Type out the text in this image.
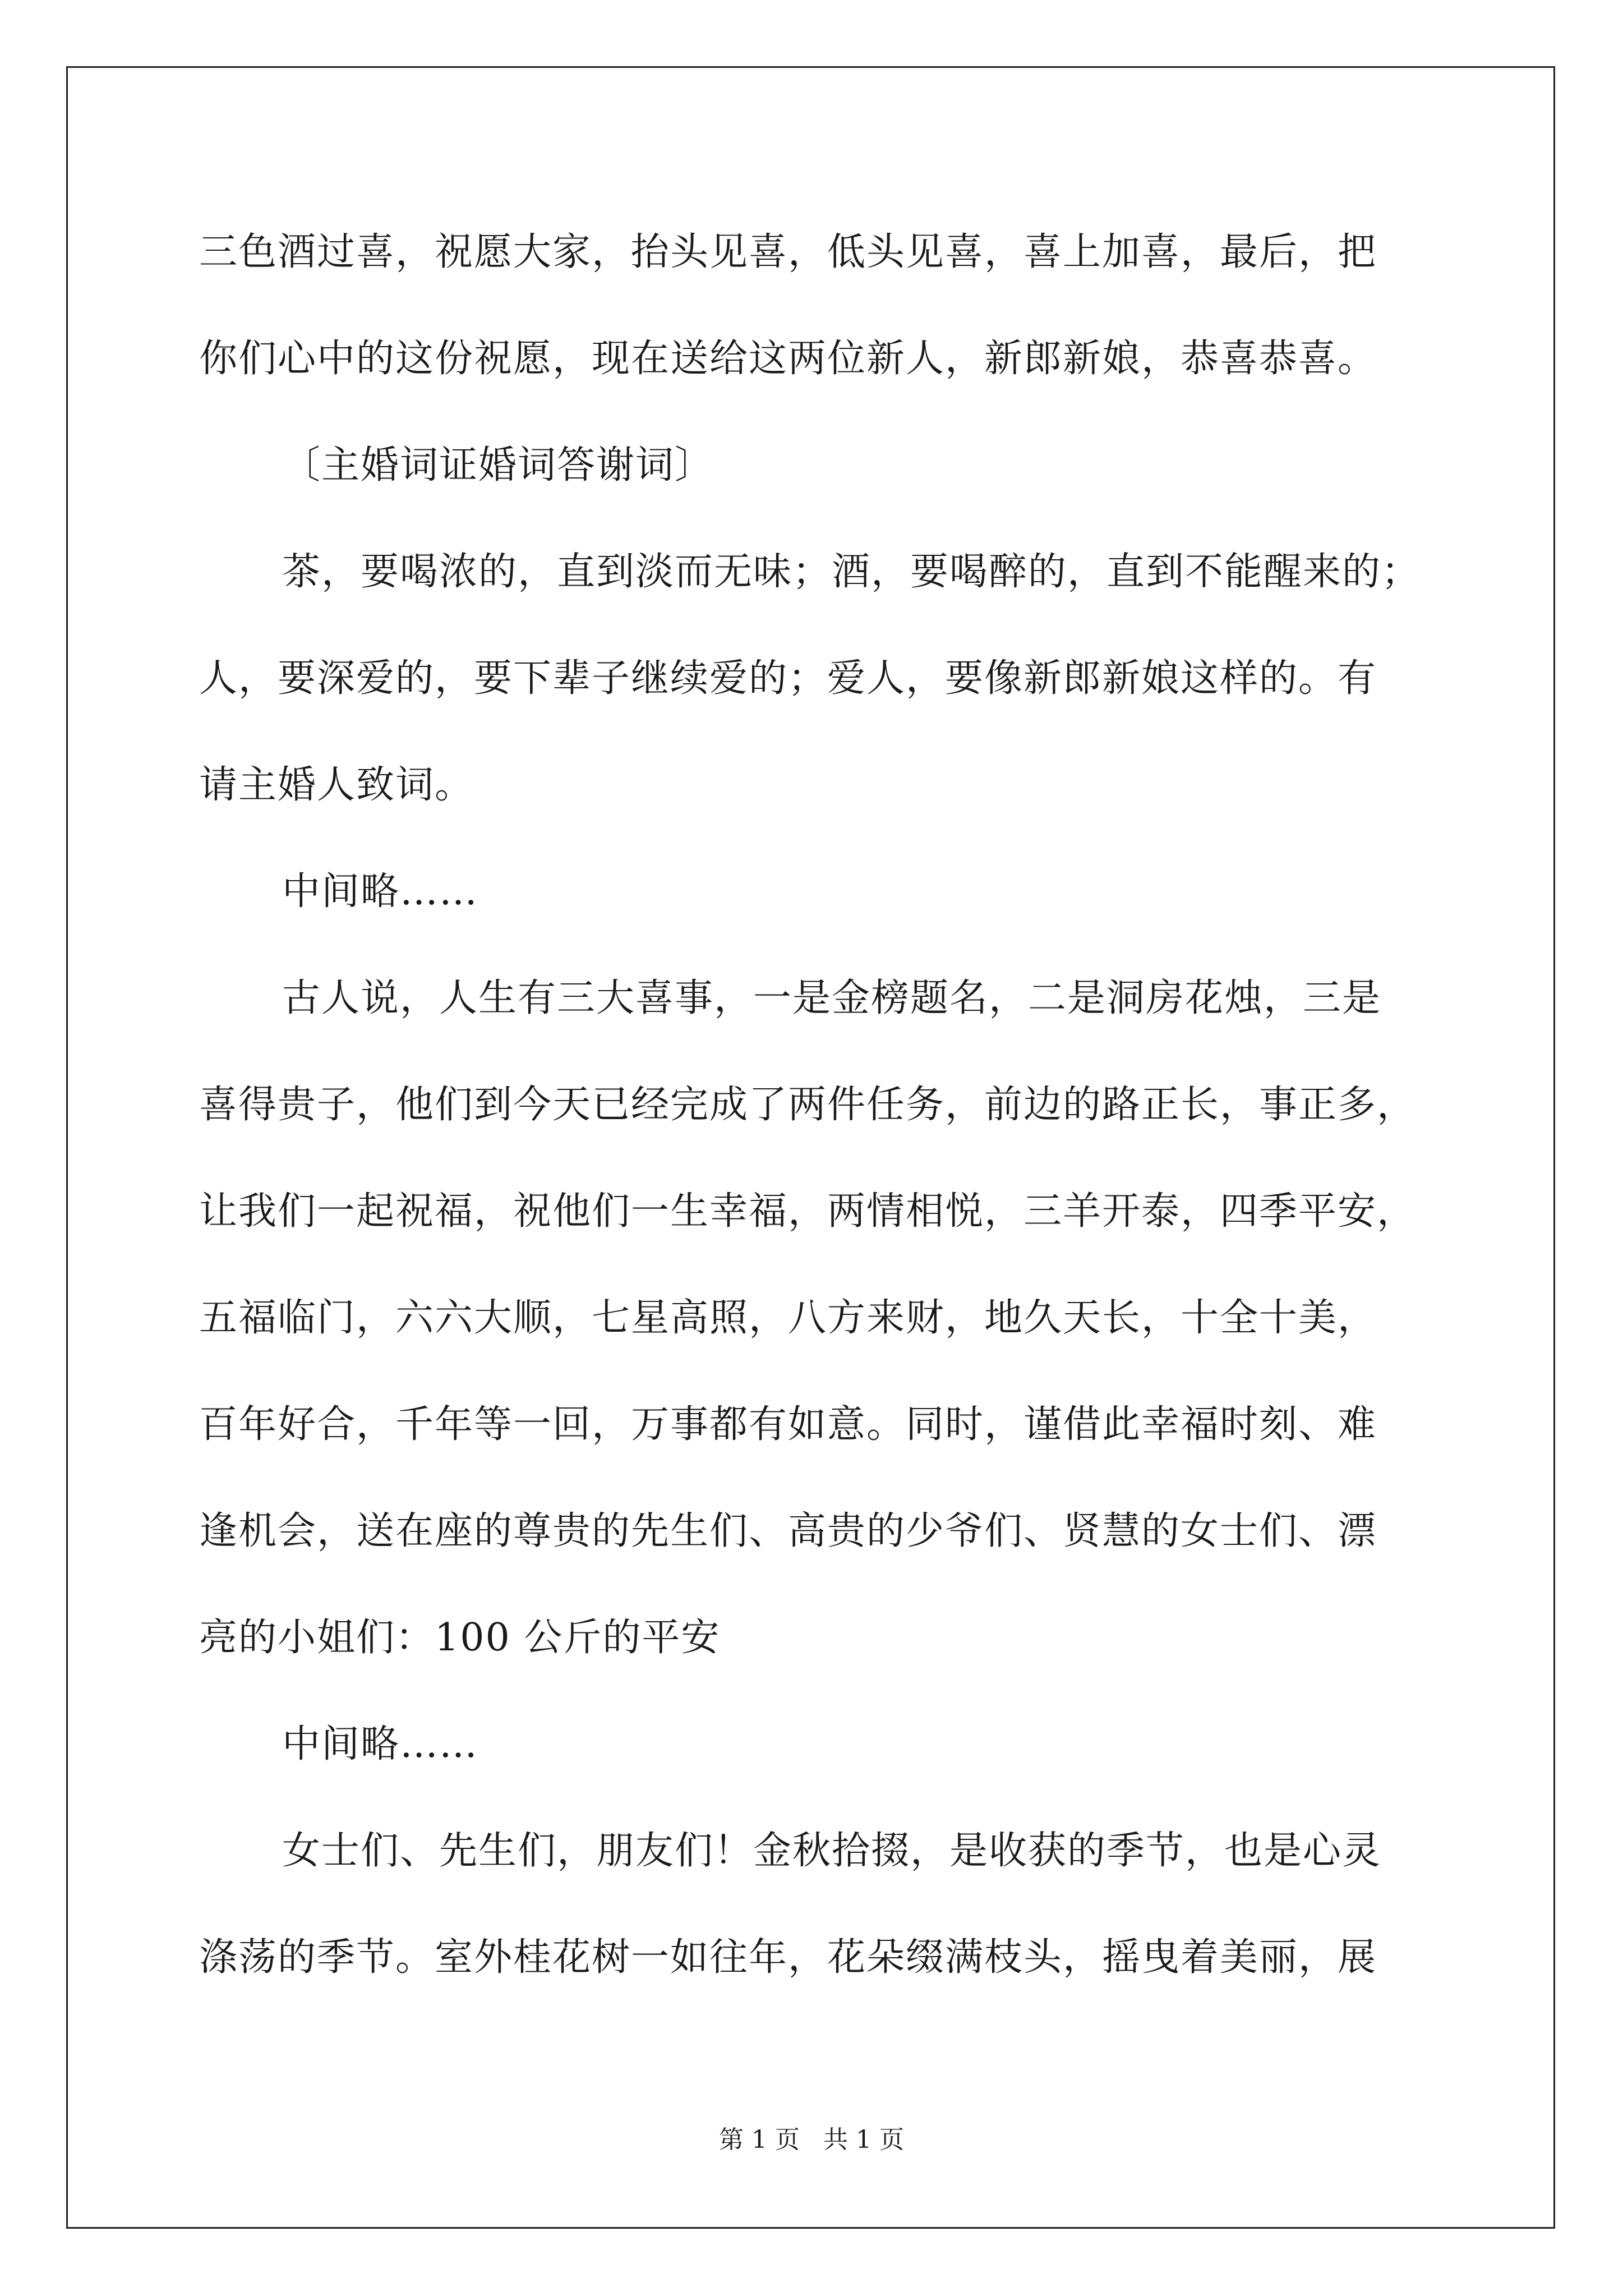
三色酒过喜，祝愿大家，抬头见喜，低头见喜，喜上加喜，最后，把

你们心中的这份祝愿，现在送给这两位新人，新郎新娘，恭喜恭喜。

〔主婚词证婚词答谢词〕

茶，要喝浓的，直到淡而无味；酒，要喝醉的，直到不能醒来的；

人，要深爱的，要下辈子继续爱的；爱人，要像新郎新娘这样的。有

请主婚人致词。

中间略……

古人说，人生有三大喜事，一是金榜题名，二是洞房花烛，三是

喜得贵子，他们到今天已经完成了两件任务，前边的路正长，事正多，

让我们一起祝福，祝他们一生幸福，两情相悦，三羊开泰，四季平安，

五福临门，六六大顺，七星高照，八方来财，地久天长，十全十美，

百年好合，千年等一回，万事都有如意。同时，谨借此幸福时刻、难

逢机会，送在座的尊贵的先生们、高贵的少爷们、贤慧的女士们、漂

亮的小姐们：100 公斤的平安

中间略……

女士们、先生们，朋友们！金秋拾掇，是收获的季节，也是心灵

涤荡的季节。室外桂花树一如往年，花朵缀满枝头，摇曳着美丽，展

第 1 页   共 1 页
